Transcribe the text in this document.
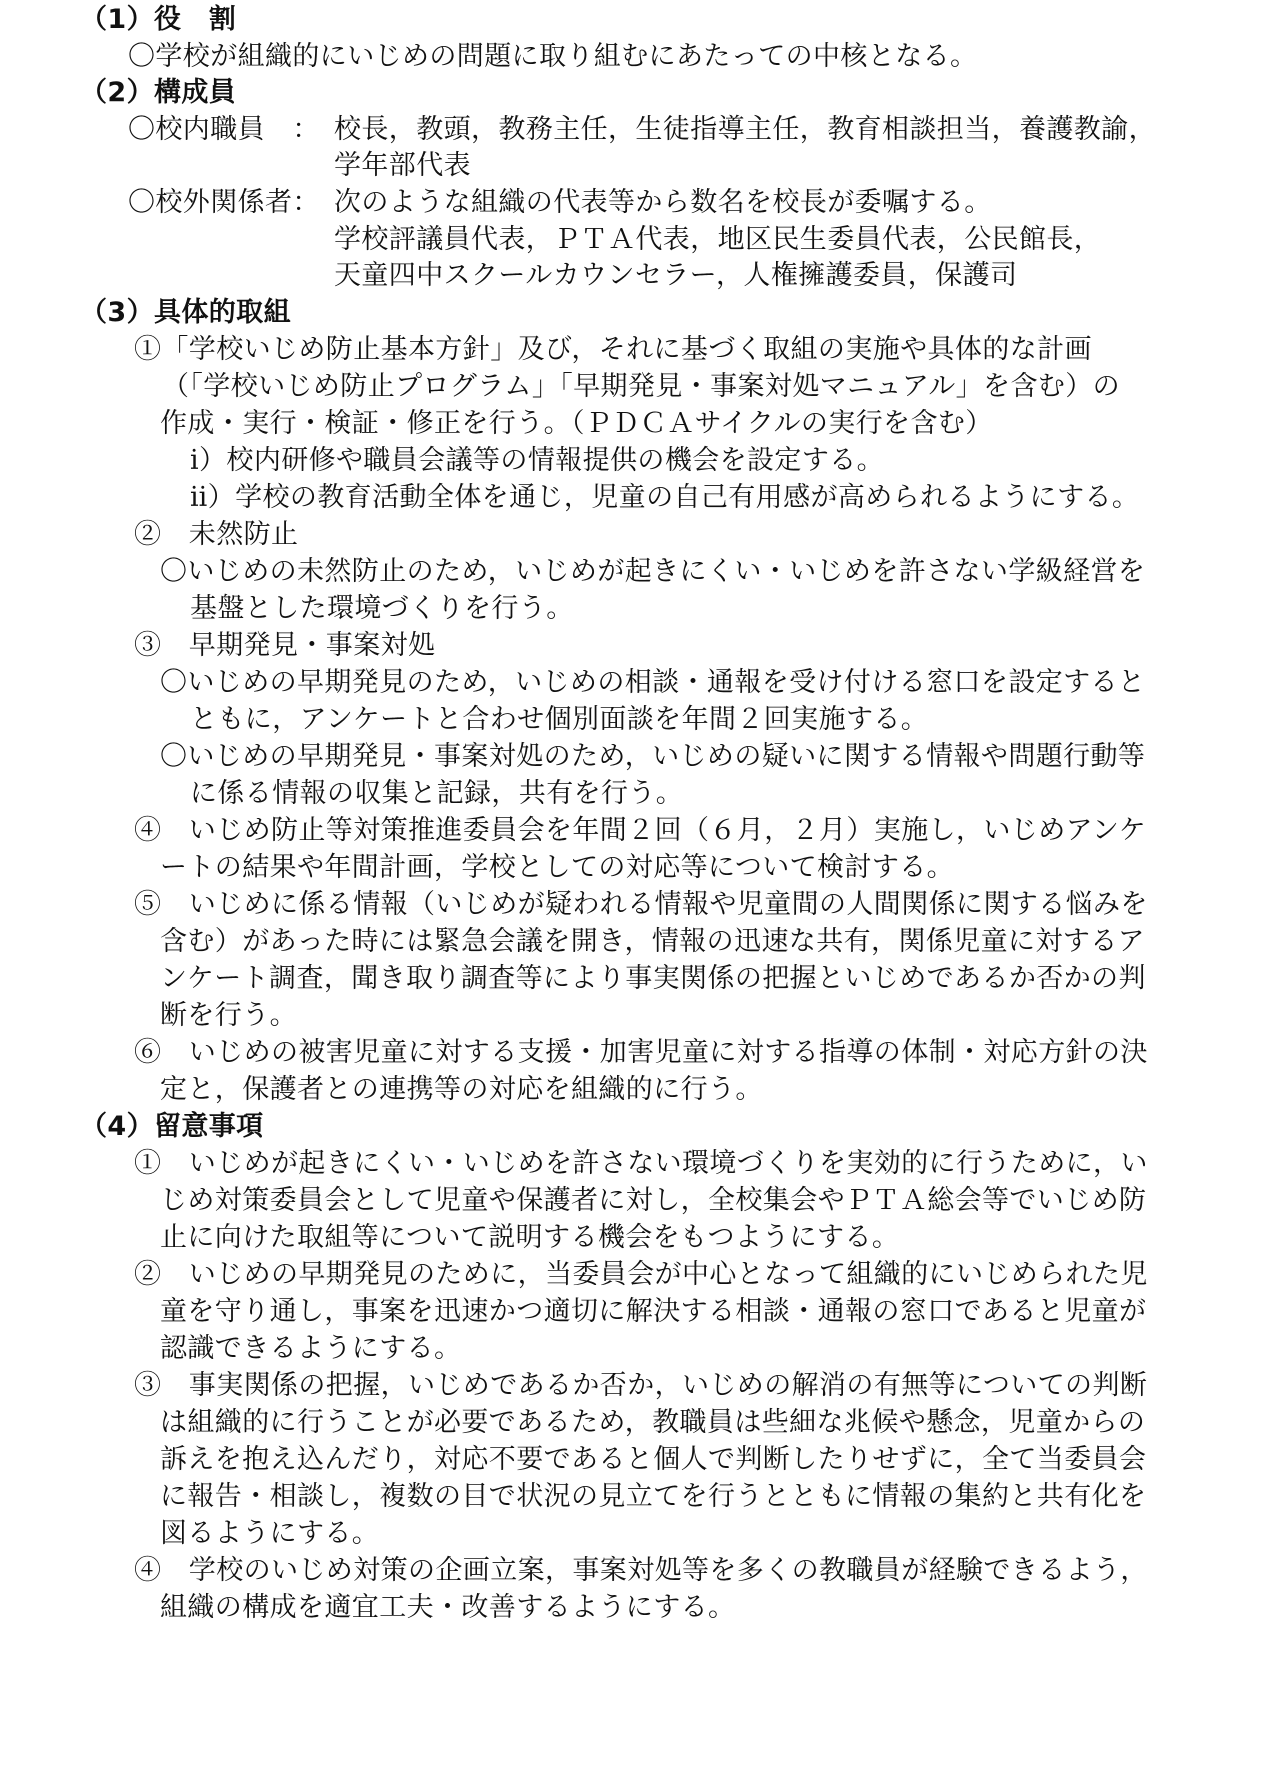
（1）役　割
〇学校が組織的にいじめの問題に取り組むにあたっての中核となる。
（2）構成員
〇校内職員　： 校長，教頭，教務主任，生徒指導主任，教育相談担当，養護教諭，
学年部代表
〇校外関係者： 次のような組織の代表等から数名を校長が委嘱する。
学校評議員代表，ＰＴＡ代表，地区民生委員代表，公民館長，
天童四中スクールカウンセラー，人権擁護委員，保護司
（3）具体的取組
①「学校いじめ防止基本方針」及び，それに基づく取組の実施や具体的な計画
（「学校いじめ防止プログラム」「早期発見・事案対処マニュアル」を含む）の
作成・実行・検証・修正を行う。（ＰＤＣＡサイクルの実行を含む）
ⅰ）校内研修や職員会議等の情報提供の機会を設定する。
ⅱ）学校の教育活動全体を通じ，児童の自己有用感が高められるようにする。
②　未然防止
〇いじめの未然防止のため，いじめが起きにくい・いじめを許さない学級経営を
基盤とした環境づくりを行う。
③　早期発見・事案対処
〇いじめの早期発見のため，いじめの相談・通報を受け付ける窓口を設定すると
ともに，アンケートと合わせ個別面談を年間２回実施する。
〇いじめの早期発見・事案対処のため，いじめの疑いに関する情報や問題行動等
に係る情報の収集と記録，共有を行う。
④　いじめ防止等対策推進委員会を年間２回（６月，２月）実施し，いじめアンケ
ートの結果や年間計画，学校としての対応等について検討する。
⑤　いじめに係る情報（いじめが疑われる情報や児童間の人間関係に関する悩みを
含む）があった時には緊急会議を開き，情報の迅速な共有，関係児童に対するア
ンケート調査，聞き取り調査等により事実関係の把握といじめであるか否かの判
断を行う。
⑥　いじめの被害児童に対する支援・加害児童に対する指導の体制・対応方針の決
定と，保護者との連携等の対応を組織的に行う。
（4）留意事項
①　いじめが起きにくい・いじめを許さない環境づくりを実効的に行うために，い
じめ対策委員会として児童や保護者に対し，全校集会やＰＴＡ総会等でいじめ防
止に向けた取組等について説明する機会をもつようにする。
②　いじめの早期発見のために，当委員会が中心となって組織的にいじめられた児
童を守り通し，事案を迅速かつ適切に解決する相談・通報の窓口であると児童が
認識できるようにする。
③　事実関係の把握，いじめであるか否か，いじめの解消の有無等についての判断
は組織的に行うことが必要であるため，教職員は些細な兆候や懸念，児童からの
訴えを抱え込んだり，対応不要であると個人で判断したりせずに，全て当委員会
に報告・相談し，複数の目で状況の見立てを行うとともに情報の集約と共有化を
図るようにする。
④　学校のいじめ対策の企画立案，事案対処等を多くの教職員が経験できるよう，
組織の構成を適宜工夫・改善するようにする。
